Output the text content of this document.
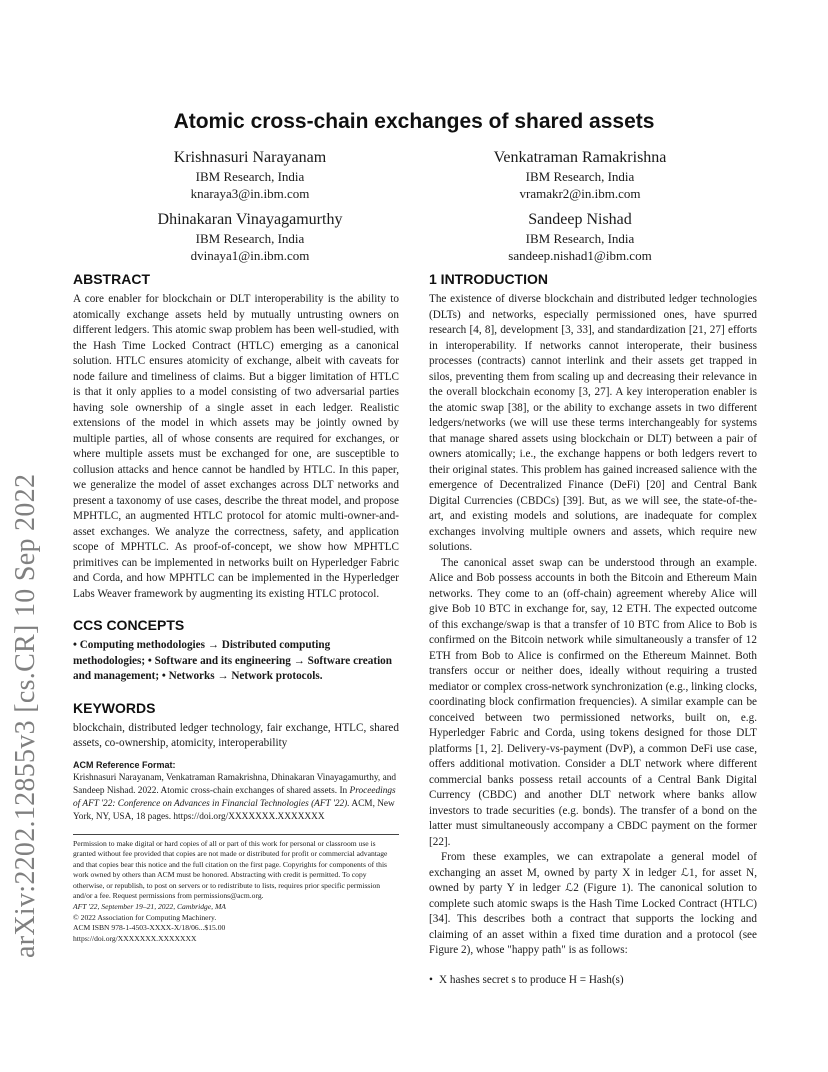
arXiv:2202.12855v3 [cs.CR] 10 Sep 2022
Atomic cross-chain exchanges of shared assets
Krishnasuri Narayanam
IBM Research, India
knaraya3@in.ibm.com
Venkatraman Ramakrishna
IBM Research, India
vramakr2@in.ibm.com
Dhinakaran Vinayagamurthy
IBM Research, India
dvinaya1@in.ibm.com
Sandeep Nishad
IBM Research, India
sandeep.nishad1@ibm.com
ABSTRACT

A core enabler for blockchain or DLT interoperability is the ability to atomically exchange assets held by mutually untrusting owners on different ledgers. This atomic swap problem has been well-studied, with the Hash Time Locked Contract (HTLC) emerging as a canonical solution. HTLC ensures atomicity of exchange, albeit with caveats for node failure and timeliness of claims. But a bigger limitation of HTLC is that it only applies to a model consisting of two adversarial parties having sole ownership of a single asset in each ledger. Realistic extensions of the model in which assets may be jointly owned by multiple parties, all of whose consents are required for exchanges, or where multiple assets must be exchanged for one, are susceptible to collusion attacks and hence cannot be handled by HTLC. In this paper, we generalize the model of asset exchanges across DLT networks and present a taxonomy of use cases, describe the threat model, and propose MPHTLC, an augmented HTLC protocol for atomic multi-owner-and-asset exchanges. We analyze the correctness, safety, and application scope of MPHTLC. As proof-of-concept, we show how MPHTLC primitives can be implemented in networks built on Hyperledger Fabric and Corda, and how MPHTLC can be implemented in the Hyperledger Labs Weaver framework by augmenting its existing HTLC protocol.

CCS CONCEPTS
• Computing methodologies → Distributed computing methodologies; • Software and its engineering → Software creation and management; • Networks → Network protocols.
KEYWORDS

blockchain, distributed ledger technology, fair exchange, HTLC, shared assets, co-ownership, atomicity, interoperability

ACM Reference Format:
Krishnasuri Narayanam, Venkatraman Ramakrishna, Dhinakaran Vinayagamurthy, and Sandeep Nishad. 2022. Atomic cross-chain exchanges of shared assets. In Proceedings of AFT '22: Conference on Advances in Financial Technologies (AFT '22). ACM, New York, NY, USA, 18 pages. https://doi.org/XXXXXXX.XXXXXXX
Permission to make digital or hard copies of all or part of this work for personal or classroom use is granted without fee provided that copies are not made or distributed for profit or commercial advantage and that copies bear this notice and the full citation on the first page. Copyrights for components of this work owned by others than ACM must be honored. Abstracting with credit is permitted. To copy otherwise, or republish, to post on servers or to redistribute to lists, requires prior specific permission and/or a fee. Request permissions from permissions@acm.org.
AFT '22, September 19–21, 2022, Cambridge, MA
© 2022 Association for Computing Machinery.
ACM ISBN 978-1-4503-XXXX-X/18/06...$15.00
https://doi.org/XXXXXXX.XXXXXXX
1 INTRODUCTION

The existence of diverse blockchain and distributed ledger technologies (DLTs) and networks, especially permissioned ones, have spurred research [4, 8], development [3, 33], and standardization [21, 27] efforts in interoperability. If networks cannot interoperate, their business processes (contracts) cannot interlink and their assets get trapped in silos, preventing them from scaling up and decreasing their relevance in the overall blockchain economy [3, 27]. A key interoperation enabler is the atomic swap [38], or the ability to exchange assets in two different ledgers/networks (we will use these terms interchangeably for systems that manage shared assets using blockchain or DLT) between a pair of owners atomically; i.e., the exchange happens or both ledgers revert to their original states. This problem has gained increased salience with the emergence of Decentralized Finance (DeFi) [20] and Central Bank Digital Currencies (CBDCs) [39]. But, as we will see, the state-of-the-art, and existing models and solutions, are inadequate for complex exchanges involving multiple owners and assets, which require new solutions.

The canonical asset swap can be understood through an example. Alice and Bob possess accounts in both the Bitcoin and Ethereum Main networks. They come to an (off-chain) agreement whereby Alice will give Bob 10 BTC in exchange for, say, 12 ETH. The expected outcome of this exchange/swap is that a transfer of 10 BTC from Alice to Bob is confirmed on the Bitcoin network while simultaneously a transfer of 12 ETH from Bob to Alice is confirmed on the Ethereum Mainnet. Both transfers occur or neither does, ideally without requiring a trusted mediator or complex cross-network synchronization (e.g., linking clocks, coordinating block confirmation frequencies). A similar example can be conceived between two permissioned networks, built on, e.g. Hyperledger Fabric and Corda, using tokens designed for those DLT platforms [1, 2]. Delivery-vs-payment (DvP), a common DeFi use case, offers additional motivation. Consider a DLT network where different commercial banks possess retail accounts of a Central Bank Digital Currency (CBDC) and another DLT network where banks allow investors to trade securities (e.g. bonds). The transfer of a bond on the latter must simultaneously accompany a CBDC payment on the former [22].

From these examples, we can extrapolate a general model of exchanging an asset M, owned by party X in ledger ℒ1, for asset N, owned by party Y in ledger ℒ2 (Figure 1). The canonical solution to complete such atomic swaps is the Hash Time Locked Contract (HTLC) [34]. This describes both a contract that supports the locking and claiming of an asset within a fixed time duration and a protocol (see Figure 2), whose "happy path" is as follows:

• X hashes secret s to produce H = Hash(s)
